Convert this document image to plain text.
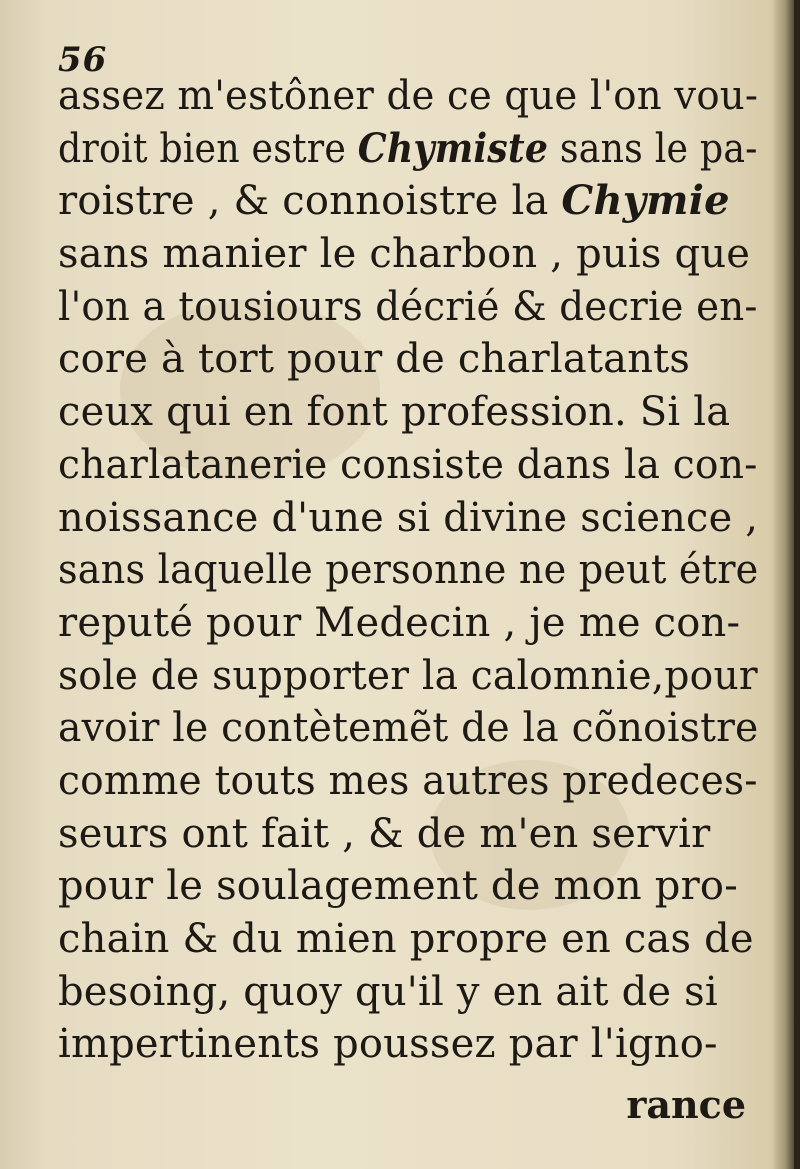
56
assez m'estôner de ce que l'on vou-
droit bien estre Chymiste sans le pa-
roistre , & connoistre la Chymie
sans manier le charbon , puis que
l'on a tousiours décrié & decrie en-
core à tort pour de charlatants
ceux qui en font profession. Si la
charlatanerie consiste dans la con-
noissance d'une si divine science ,
sans laquelle personne ne peut étre
reputé pour Medecin , je me con-
sole de supporter la calomnie,pour
avoir le contètemẽt de la cõnoistre
comme touts mes autres predeces-
seurs ont fait , & de m'en servir
pour le soulagement de mon pro-
chain & du mien propre en cas de
besoing, quoy qu'il y en ait de si
impertinents poussez par l'igno-
rance
